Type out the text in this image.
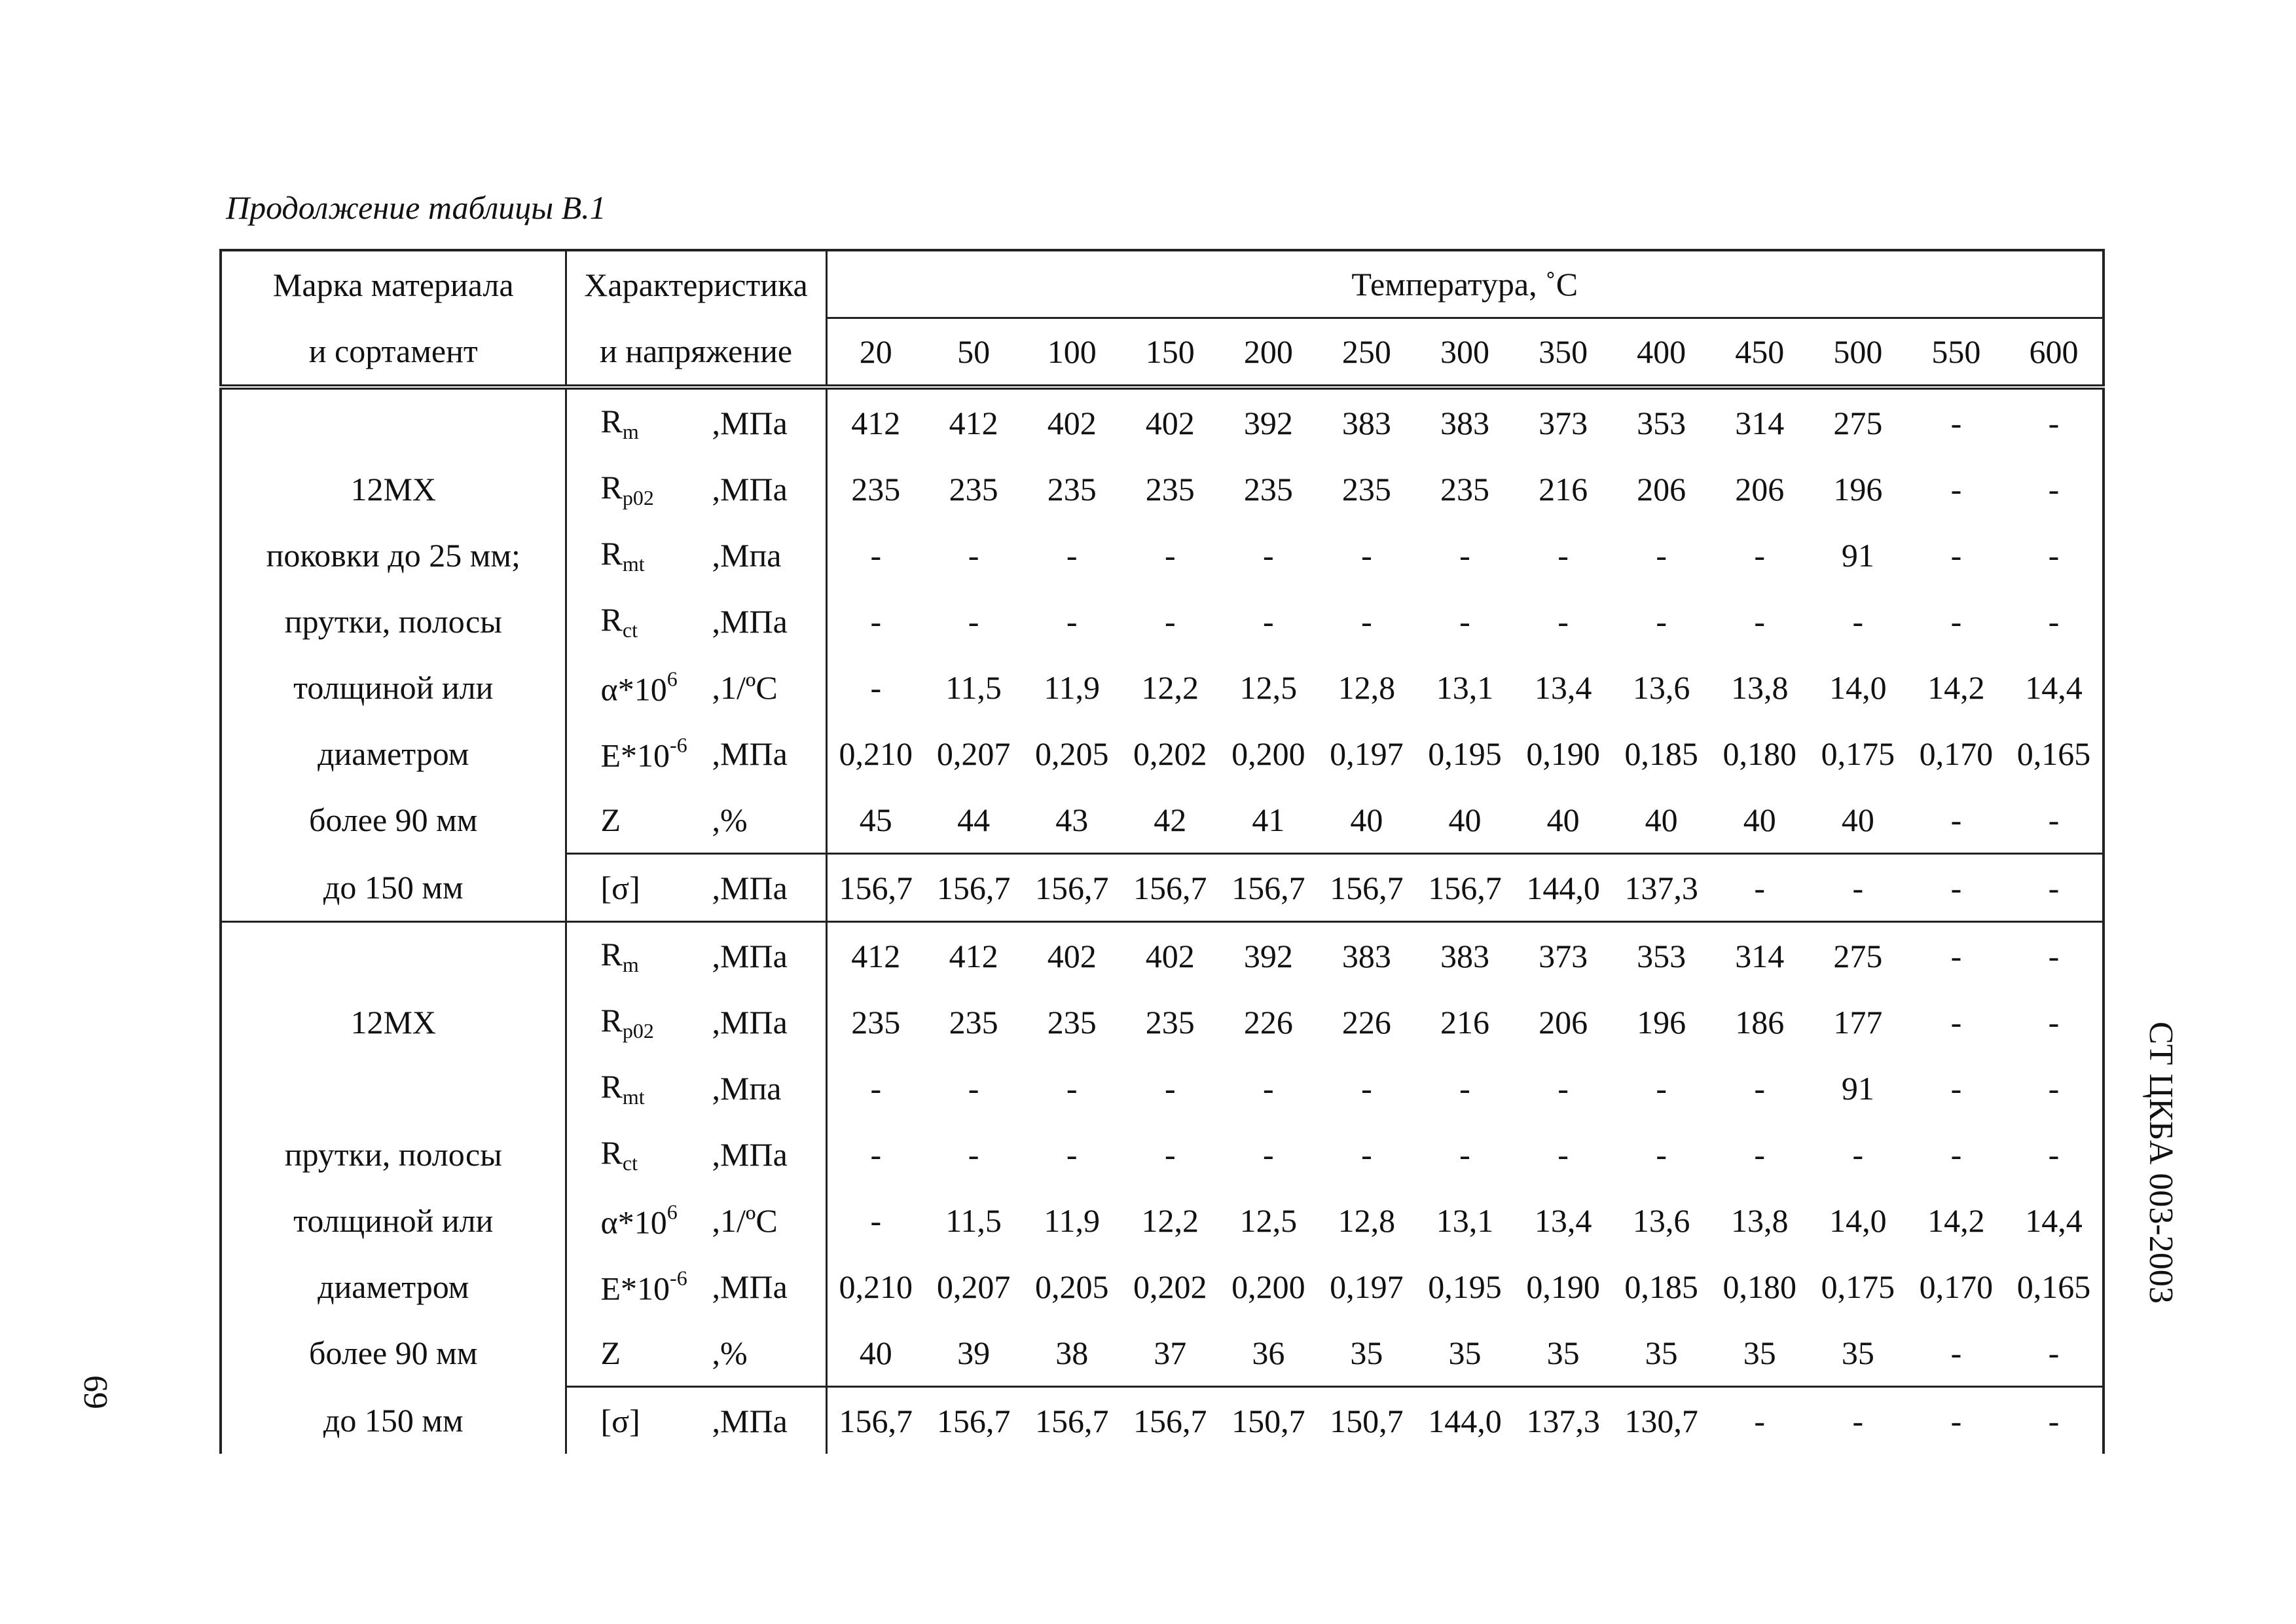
Продолжение таблицы В.1
Марка материала	Характеристика	Температура, ˚С												
и сортамент	и напряжение	20	50	100	150	200	250	300	350	400	450	500	550	600

	$R_m$ ,МПа	412	412	402	402	392	383	383	373	353	314	275	-	-
12МХ	$R_{p02}$ ,МПа	235	235	235	235	235	235	235	216	206	206	196	-	-
поковки до 25 мм;	$R_{mt}$ ,Мпа	-	-	-	-	-	-	-	-	-	-	91	-	-
прутки, полосы	$R_{ct}$ ,МПа	-	-	-	-	-	-	-	-	-	-	-	-	-
толщиной или	$\alpha*10^6$ ,1/ºC	-	11,5	11,9	12,2	12,5	12,8	13,1	13,4	13,6	13,8	14,0	14,2	14,4
диаметром	$E*10^{-6}$ ,МПа	0,210	0,207	0,205	0,202	0,200	0,197	0,195	0,190	0,185	0,180	0,175	0,170	0,165
более 90 мм	Z ,%	45	44	43	42	41	40	40	40	40	40	40	-	-
до 150 мм	[σ] ,МПа	156,7	156,7	156,7	156,7	156,7	156,7	156,7	144,0	137,3	-	-	-	-

	$R_m$ ,МПа	412	412	402	402	392	383	383	373	353	314	275	-	-
12МХ	$R_{p02}$ ,МПа	235	235	235	235	226	226	216	206	196	186	177	-	-

	$R_{mt}$ ,Мпа	-	-	-	-	-	-	-	-	-	-	91	-	-
прутки, полосы	$R_{ct}$ ,МПа	-	-	-	-	-	-	-	-	-	-	-	-	-
толщиной или	$\alpha*10^6$ ,1/ºC	-	11,5	11,9	12,2	12,5	12,8	13,1	13,4	13,6	13,8	14,0	14,2	14,4
диаметром	$E*10^{-6}$ ,МПа	0,210	0,207	0,205	0,202	0,200	0,197	0,195	0,190	0,185	0,180	0,175	0,170	0,165
более 90 мм	Z ,%	40	39	38	37	36	35	35	35	35	35	35	-	-
до 150 мм	[σ] ,МПа	156,7	156,7	156,7	156,7	150,7	150,7	144,0	137,3	130,7	-	-	-	-
СТ ЦКБА 003-2003
69
